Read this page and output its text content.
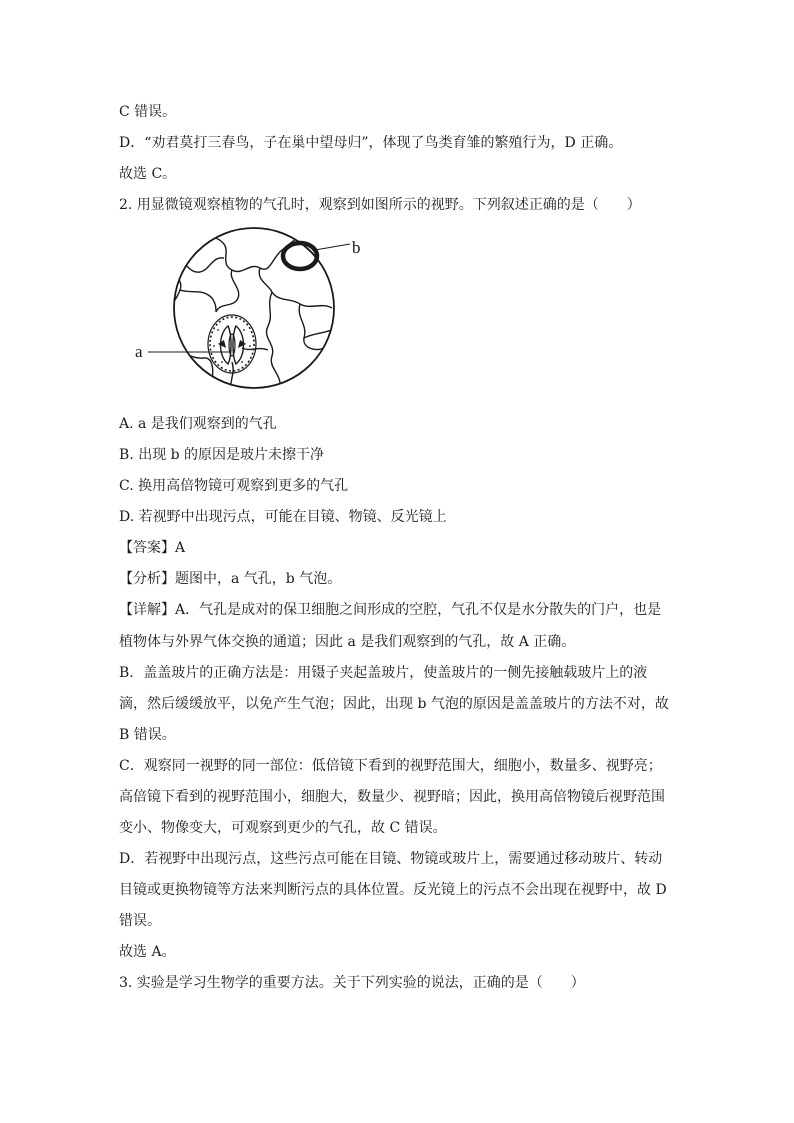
C 错误。
D．“劝君莫打三春鸟，子在巢中望母归”，体现了鸟类育雏的繁殖行为，D 正确。
故选 C。
2. 用显微镜观察植物的气孔时，观察到如图所示的视野。下列叙述正确的是（　　）
b
a
A. a 是我们观察到的气孔
B. 出现 b 的原因是玻片未擦干净
C. 换用高倍物镜可观察到更多的气孔
D. 若视野中出现污点，可能在目镜、物镜、反光镜上
【答案】A
【分析】题图中，a 气孔，b 气泡。
【详解】A．气孔是成对的保卫细胞之间形成的空腔，气孔不仅是水分散失的门户，也是
植物体与外界气体交换的通道；因此 a 是我们观察到的气孔，故 A 正确。
B．盖盖玻片的正确方法是：用镊子夹起盖玻片，使盖玻片的一侧先接触载玻片上的液
滴，然后缓缓放平，以免产生气泡；因此，出现 b 气泡的原因是盖盖玻片的方法不对，故
B 错误。
C．观察同一视野的同一部位：低倍镜下看到的视野范围大，细胞小，数量多、视野亮；
高倍镜下看到的视野范围小，细胞大，数量少、视野暗；因此，换用高倍物镜后视野范围
变小、物像变大，可观察到更少的气孔，故 C 错误。
D．若视野中出现污点，这些污点可能在目镜、物镜或玻片上，需要通过移动玻片、转动
目镜或更换物镜等方法来判断污点的具体位置。反光镜上的污点不会出现在视野中，故 D
错误。
故选 A。
3. 实验是学习生物学的重要方法。关于下列实验的说法，正确的是（　　）
